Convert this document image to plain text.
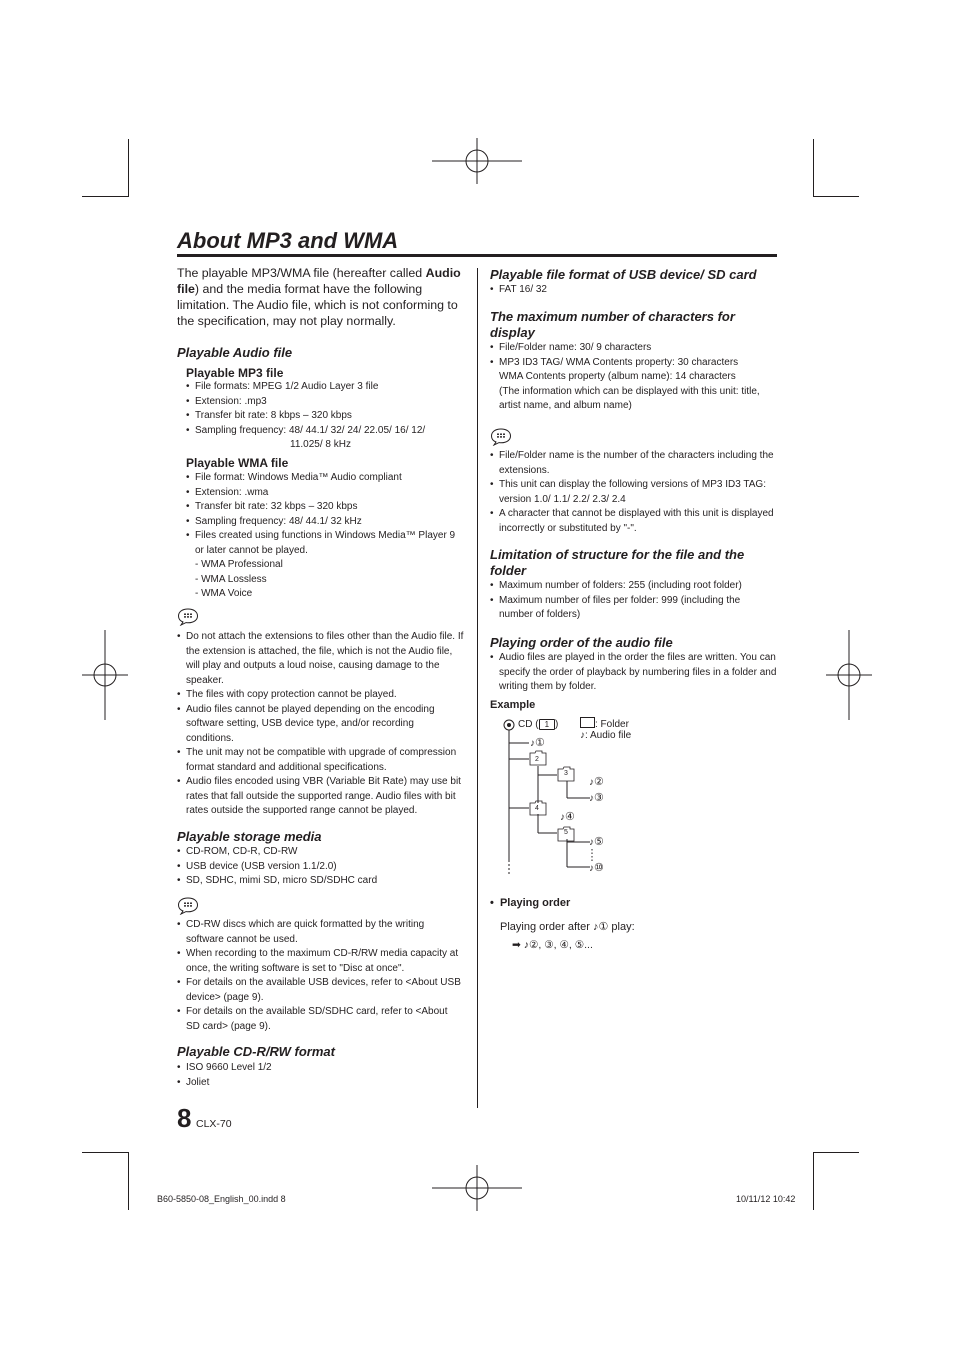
About MP3 and WMA
The playable MP3/WMA file (hereafter called Audio file) and the media format have the following limitation. The Audio file, which is not conforming to the specification, may not play normally.
Playable Audio file
Playable MP3 file
• File formats: MPEG 1/2 Audio Layer 3 file
• Extension: .mp3
• Transfer bit rate: 8 kbps – 320 kbps
• Sampling frequency: 48/ 44.1/ 32/ 24/ 22.05/ 16/ 12/
11.025/ 8 kHz
Playable WMA file
• File format: Windows Media™ Audio compliant
• Extension: .wma
• Transfer bit rate: 32 kbps – 320 kbps
• Sampling frequency: 48/ 44.1/ 32 kHz
• Files created using functions in Windows Media™ Player 9 or later cannot be played.
- WMA Professional
- WMA Lossless
- WMA Voice
• Do not attach the extensions to files other than the Audio file. If the extension is attached, the file, which is not the Audio file, will play and outputs a loud noise, causing damage to the speaker.
• The files with copy protection cannot be played.
• Audio files cannot be played depending on the encoding software setting, USB device type, and/or recording conditions.
• The unit may not be compatible with upgrade of compression format standard and additional specifications.
• Audio files encoded using VBR (Variable Bit Rate) may use bit rates that fall outside the supported range. Audio files with bit rates outside the supported range cannot be played.
Playable storage media
• CD-ROM, CD-R, CD-RW
• USB device (USB version 1.1/2.0)
• SD, SDHC, mimi SD, micro SD/SDHC card
• CD-RW discs which are quick formatted by the writing software cannot be used.
• When recording to the maximum CD-R/RW media capacity at once, the writing software is set to "Disc at once".
• For details on the available USB devices, refer to <About USB device> (page 9).
• For details on the available SD/SDHC card, refer to <About SD card> (page 9).
Playable CD-R/RW format
• ISO 9660 Level 1/2
• Joliet
Playable file format of USB device/ SD card
• FAT 16/ 32
The maximum number of characters for display
• File/Folder name: 30/ 9 characters
• MP3 ID3 TAG/ WMA Contents property: 30 characters
WMA Contents property (album name): 14 characters
(The information which can be displayed with this unit: title, artist name, and album name)
• File/Folder name is the number of the characters including the extensions.
• This unit can display the following versions of MP3 ID3 TAG: version 1.0/ 1.1/ 2.2/ 2.3/ 2.4
• A character that cannot be displayed with this unit is displayed incorrectly or substituted by "-".
Limitation of structure for the file and the folder
• Maximum number of folders: 255 (including root folder)
• Maximum number of files per folder: 999 (including the number of folders)
Playing order of the audio file
• Audio files are played in the order the files are written. You can specify the order of playback by numbering files in a folder and writing them by folder.
Example
CD ( 1 )	: Folder
♪: Audio file
♪①
2
3
♪②
♪③
4
♪④
5
♪⑤
♪⑩
•  Playing order
Playing order after ♪① play:
➡ ♪②, ③, ④, ⑤...
8 CLX-70
B60-5850-08_English_00.indd 8	10/11/12 10:42
